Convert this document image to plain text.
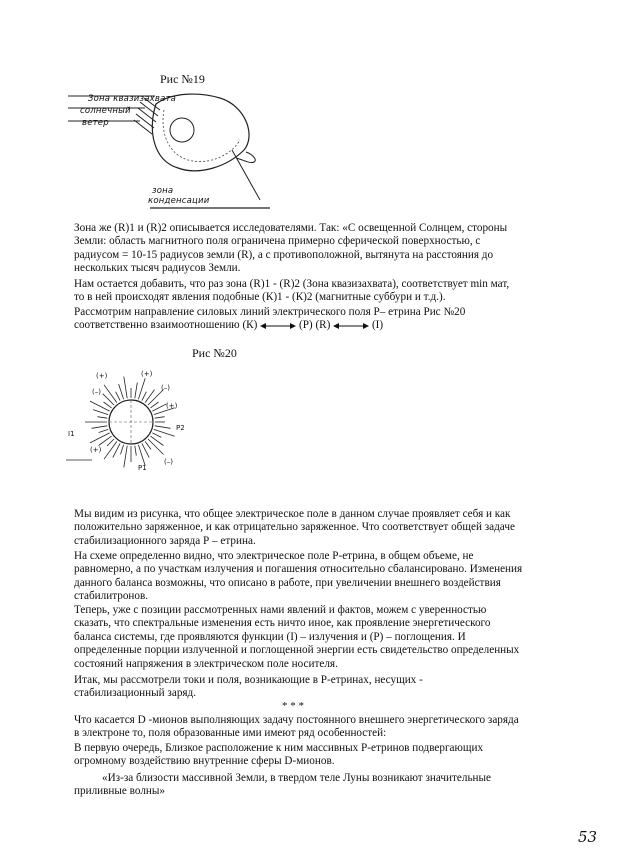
Рис №19
Зона квазизахвата
солнечный
ветер
зона
конденсации

Зона же (R)1 и (R)2 описывается исследователями. Так: «С освещенной Солнцем, стороны
Земли: область магнитного поля ограничена примерно сферической поверхностью, с
радиусом = 10-15 радиусов земли (R), а с противоположной, вытянута на расстояния до
нескольких тысяч радиусов Земли.

Нам остается добавить, что раз зона (R)1 - (R)2 (Зона квазизахвата), соответствует min мат,
то в ней происходят явления подобные (К)1 - (К)2 (магнитные суббури и т.д.).

Рассмотрим направление силовых линий электрического поля Р– етрина Рис №20
соответственно взаимоотношению (К)	(Р) (R)	(I)
Рис №20
(+)
(–)
(+)
(–)
Р2
(+)
(–)
Р1
I1
(+)

Мы видим из рисунка, что общее электрическое поле в данном случае проявляет себя и как
положительно заряженное, и как отрицательно заряженное. Что соответствует общей задаче
стабилизационного заряда Р – етрина.

На схеме определенно видно, что электрическое поле Р-етрина, в общем объеме, не
равномерно, а по участкам излучения и погашения относительно сбалансировано. Изменения
данного баланса возможны, что описано в работе, при увеличении внешнего воздействия
стабилитронов.

Теперь, уже с позиции рассмотренных нами явлений и фактов, можем с уверенностью
сказать, что спектральные изменения есть ничто иное, как проявление энергетического
баланса системы, где проявляются функции (I) – излучения и (Р) – поглощения. И
определенные порции излученной и поглощенной энергии есть свидетельство определенных
состояний напряжения в электрическом поле носителя.

Итак, мы рассмотрели токи и поля, возникающие в Р-етринах, несущих -
стабилизационный заряд.

* * *

Что касается D -мионов выполняющих задачу постоянного внешнего энергетического заряда
в электроне то, поля образованные ими имеют ряд особенностей:

В первую очередь, Близкое расположение к ним массивных Р-етринов подвергающих
огромному воздействию внутренние сферы D-мионов.

«Из-за близости массивной Земли, в твердом теле Луны возникают значительные
приливные волны»

53
